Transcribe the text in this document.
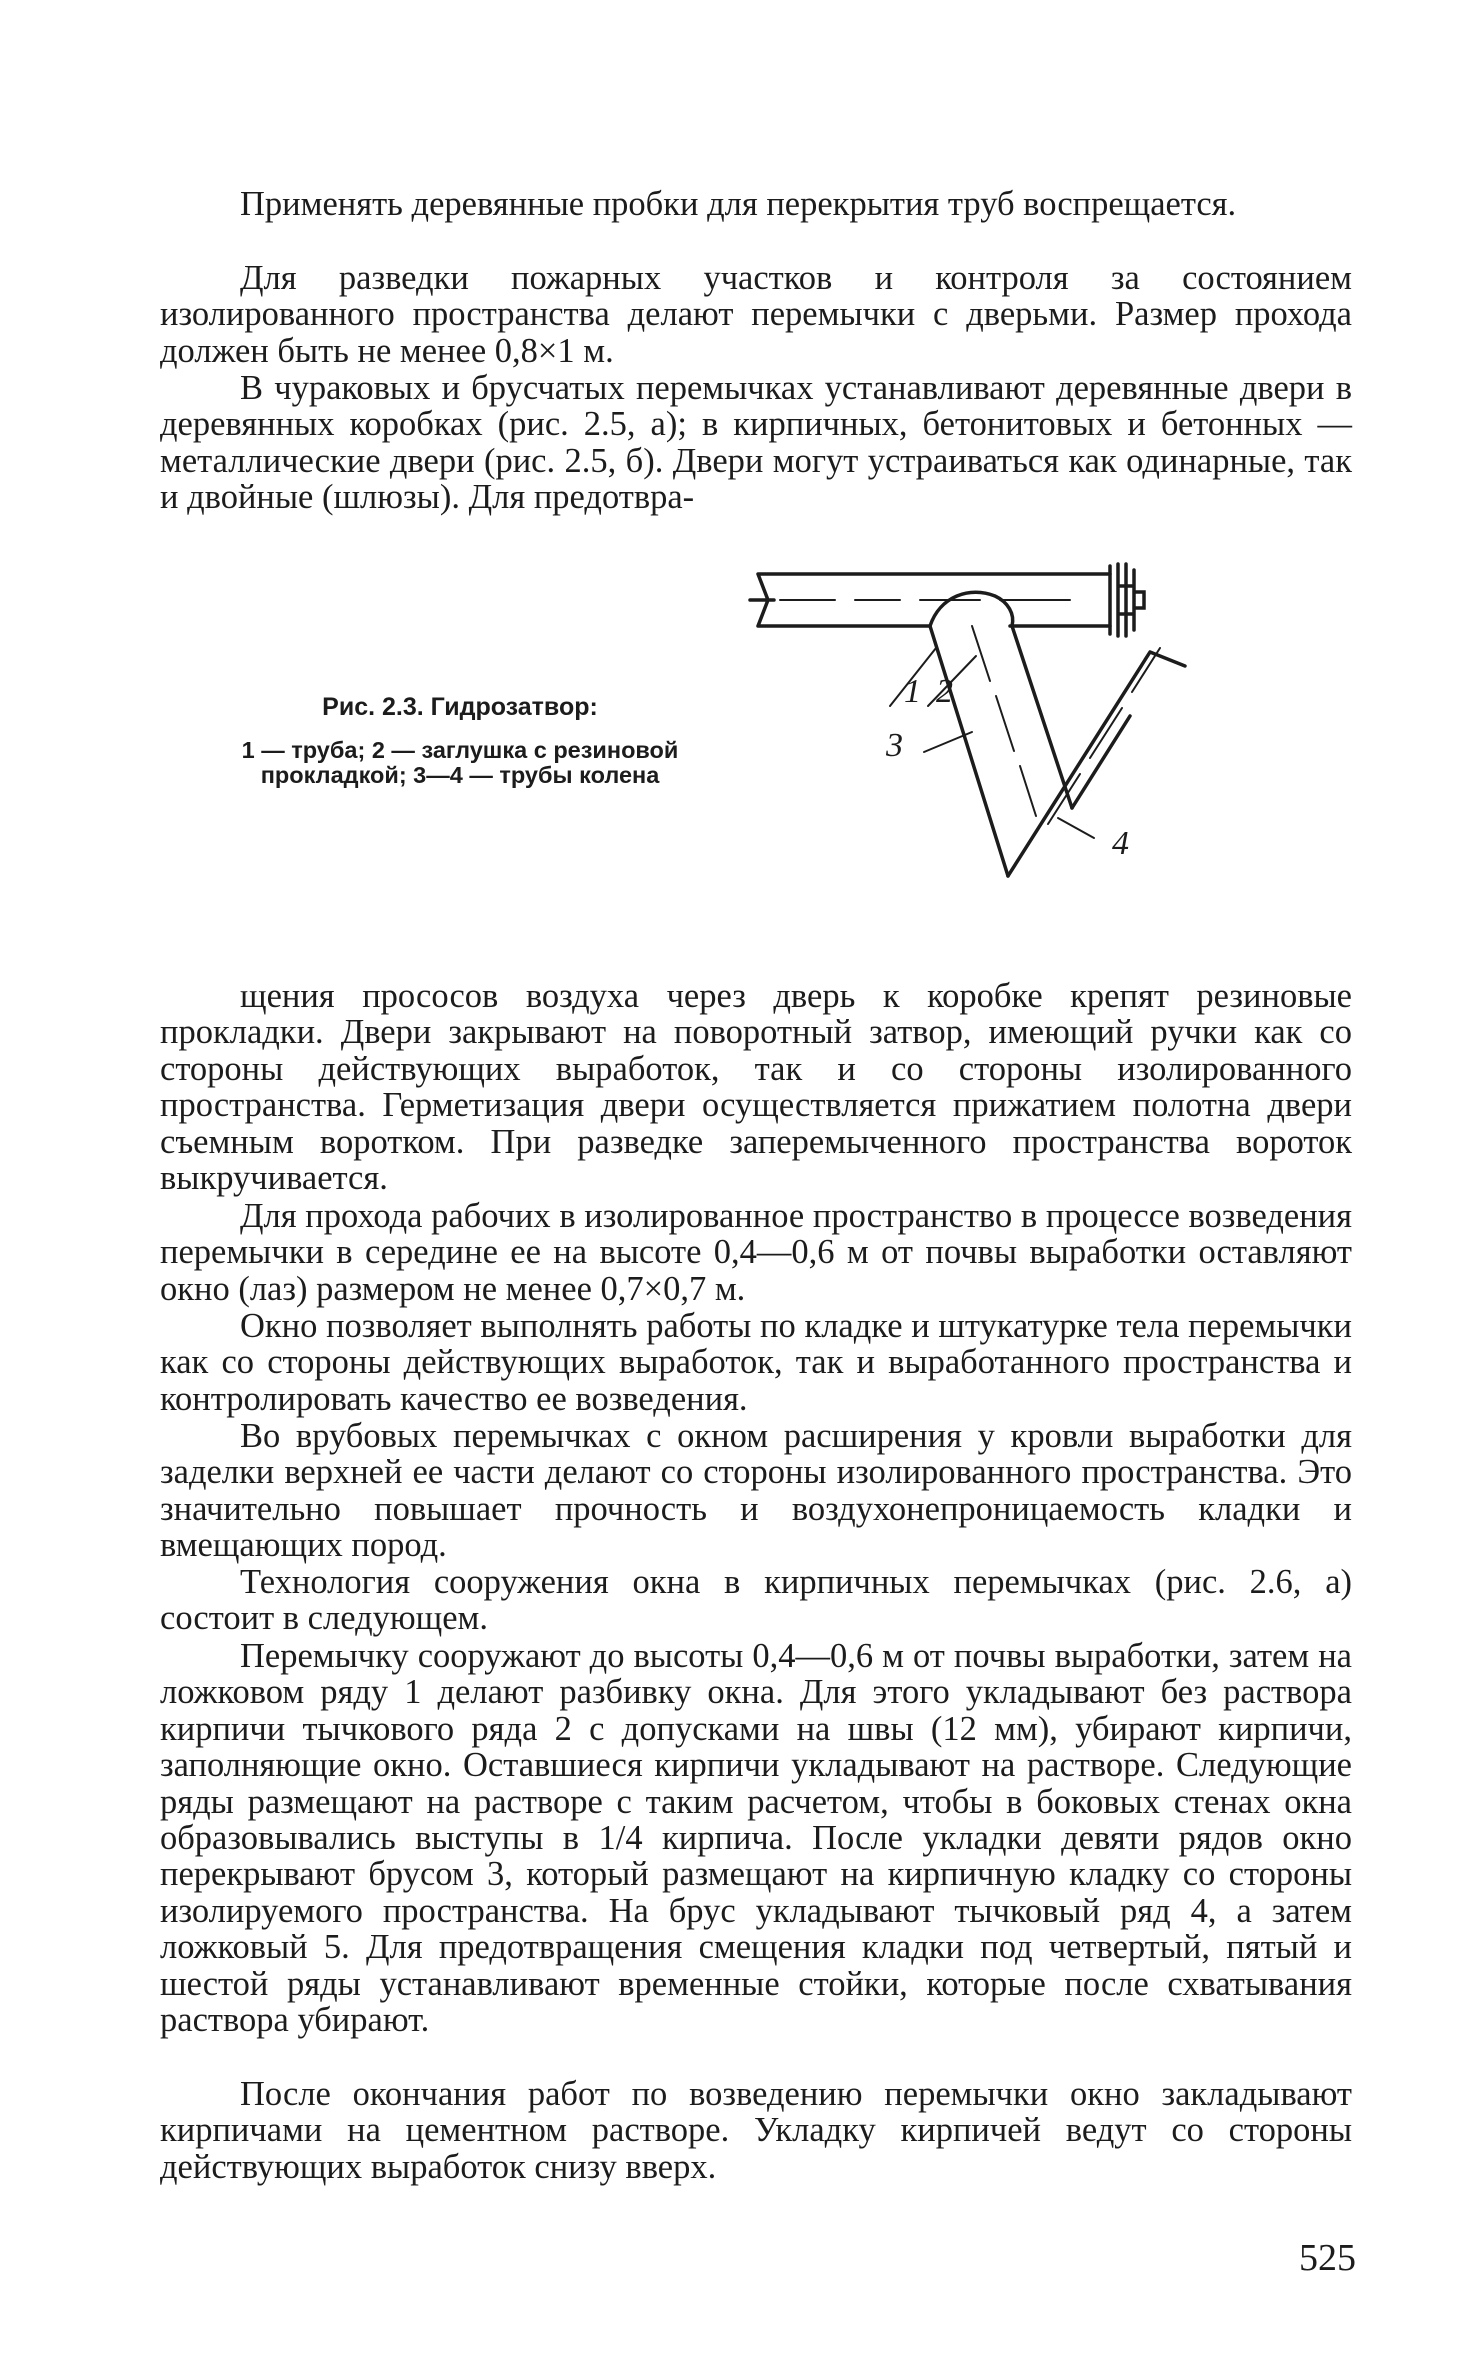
Применять деревянные пробки для перекрытия труб воспрещается.

Для разведки пожарных участков и контроля за состоянием изолированного пространства делают перемычки с дверьми. Размер прохода должен быть не менее 0,8×1 м.

В чураковых и брусчатых перемычках устанавливают деревянные двери в деревянных коробках (рис. 2.5, а); в кирпичных, бетонитовых и бетонных — металлические двери (рис. 2.5, б). Двери могут устраиваться как одинарные, так и двойные (шлюзы). Для предотвра-

Рис. 2.3. Гидрозатвор:
1 — труба; 2 — заглушка с резиновой прокладкой; 3—4 — трубы колена
1 2
3
4

щения прососов воздуха через дверь к коробке крепят резиновые прокладки. Двери закрывают на поворотный затвор, имеющий ручки как со стороны действующих выработок, так и со стороны изолированного пространства. Герметизация двери осуществляется прижатием полотна двери съемным воротком. При разведке заперемыченного пространства вороток выкручивается.

Для прохода рабочих в изолированное пространство в процессе возведения перемычки в середине ее на высоте 0,4—0,6 м от почвы выработки оставляют окно (лаз) размером не менее 0,7×0,7 м.

Окно позволяет выполнять работы по кладке и штукатурке тела перемычки как со стороны действующих выработок, так и выработанного пространства и контролировать качество ее возведения.

Во врубовых перемычках с окном расширения у кровли выработки для заделки верхней ее части делают со стороны изолированного пространства. Это значительно повышает прочность и воздухонепроницаемость кладки и вмещающих пород.

Технология сооружения окна в кирпичных перемычках (рис. 2.6, а) состоит в следующем.

Перемычку сооружают до высоты 0,4—0,6 м от почвы выработки, затем на ложковом ряду 1 делают разбивку окна. Для этого укладывают без раствора кирпичи тычкового ряда 2 с допусками на швы (12 мм), убирают кирпичи, заполняющие окно. Оставшиеся кирпичи укладывают на растворе. Следующие ряды размещают на растворе с таким расчетом, чтобы в боковых стенах окна образовывались выступы в 1/4 кирпича. После укладки девяти рядов окно перекрывают брусом 3, который размещают на кирпичную кладку со стороны изолируемого пространства. На брус укладывают тычковый ряд 4, а затем ложковый 5. Для предотвращения смещения кладки под четвертый, пятый и шестой ряды устанавливают временные стойки, которые после схватывания раствора убирают.

После окончания работ по возведению перемычки окно закладывают кирпичами на цементном растворе. Укладку кирпичей ведут со стороны действующих выработок снизу вверх.

525
